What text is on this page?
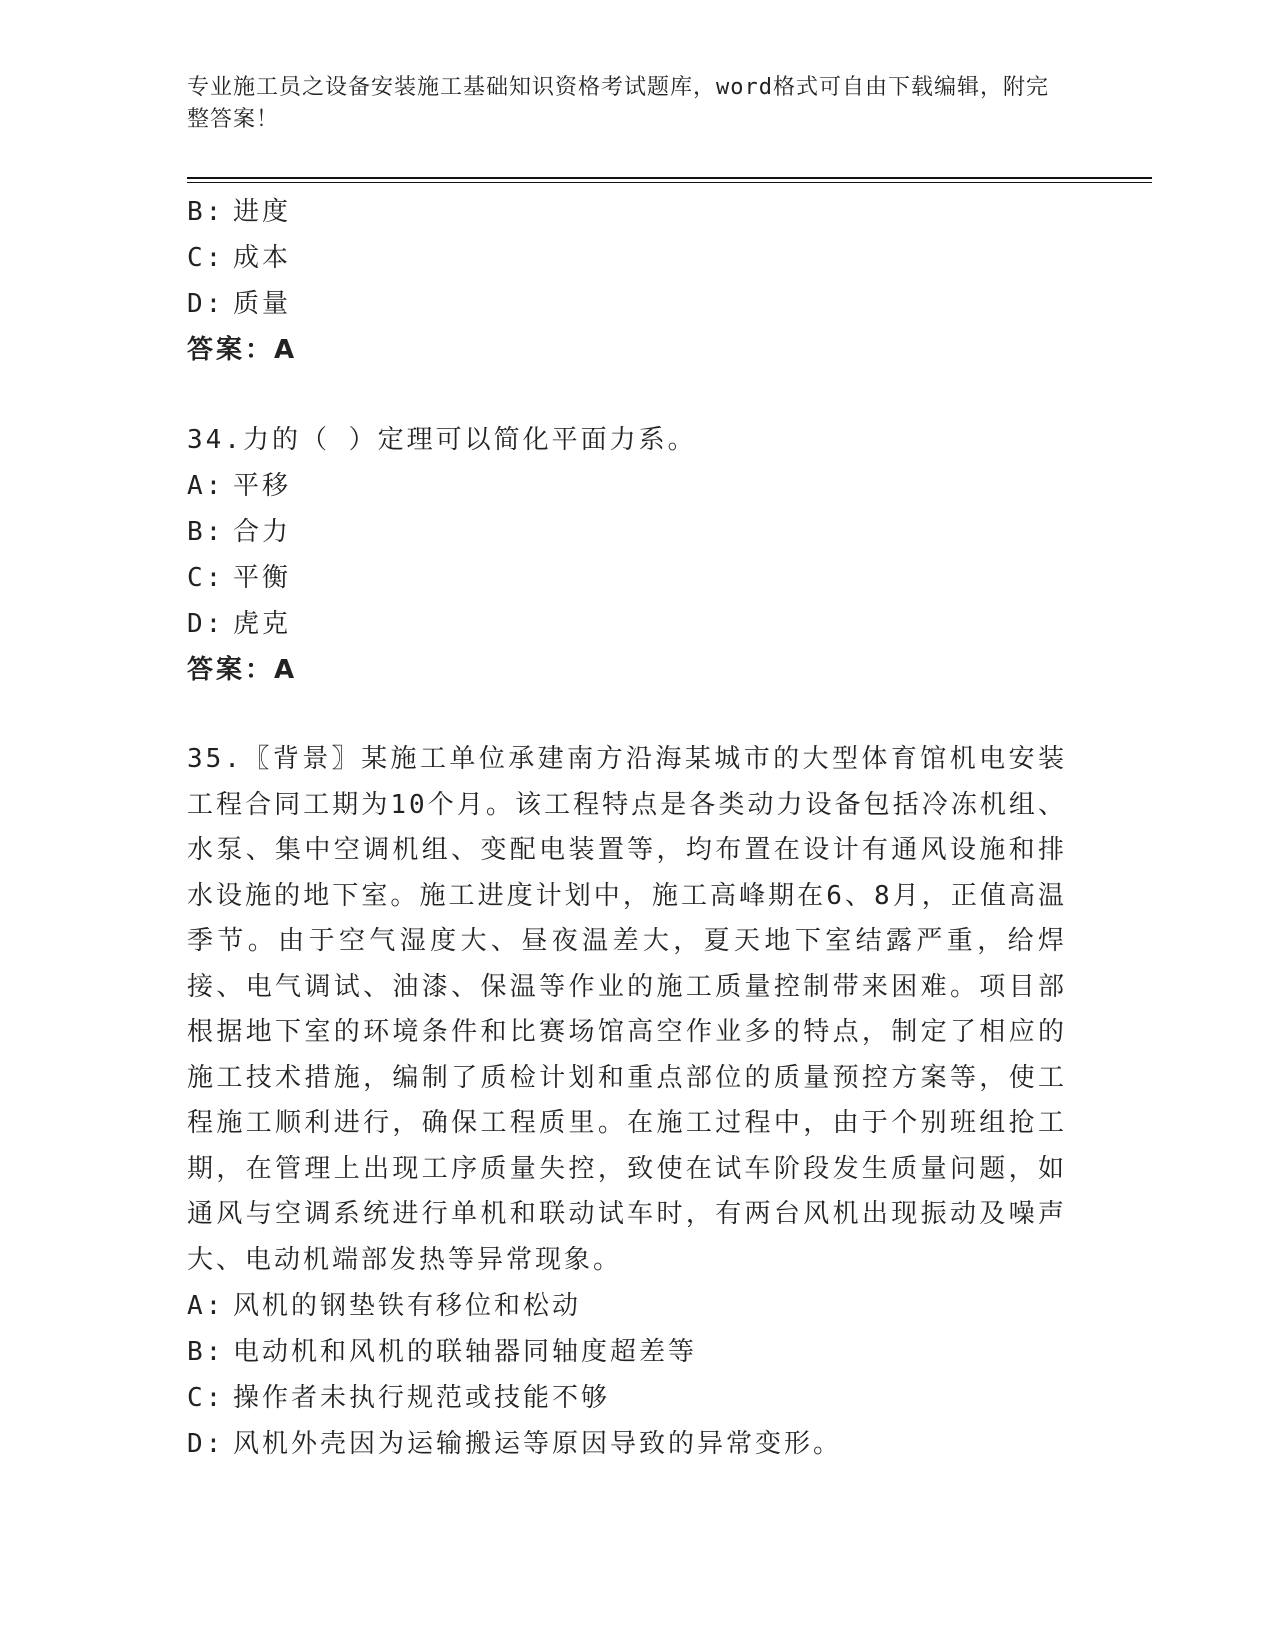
专业施工员之设备安装施工基础知识资格考试题库，word格式可自由下载编辑，附完整答案！
B: 进度
C: 成本
D: 质量
答案：A
34.力的（ ）定理可以简化平面力系。
A: 平移
B: 合力
C: 平衡
D: 虎克
答案：A
35.〖背景〗某施工单位承建南方沿海某城市的大型体育馆机电安装工程合同工期为10个月。该工程特点是各类动力设备包括冷冻机组、水泵、集中空调机组、变配电装置等，均布置在设计有通风设施和排水设施的地下室。施工进度计划中，施工高峰期在6、8月，正值高温季节。由于空气湿度大、昼夜温差大，夏天地下室结露严重，给焊接、电气调试、油漆、保温等作业的施工质量控制带来困难。项目部根据地下室的环境条件和比赛场馆高空作业多的特点，制定了相应的施工技术措施，编制了质检计划和重点部位的质量预控方案等，使工程施工顺利进行，确保工程质里。在施工过程中，由于个别班组抢工期，在管理上出现工序质量失控，致使在试车阶段发生质量问题，如通风与空调系统进行单机和联动试车时，有两台风机出现振动及噪声大、电动机端部发热等异常现象。
A: 风机的钢垫铁有移位和松动
B: 电动机和风机的联轴器同轴度超差等
C: 操作者未执行规范或技能不够
D: 风机外壳因为运输搬运等原因导致的异常变形。
